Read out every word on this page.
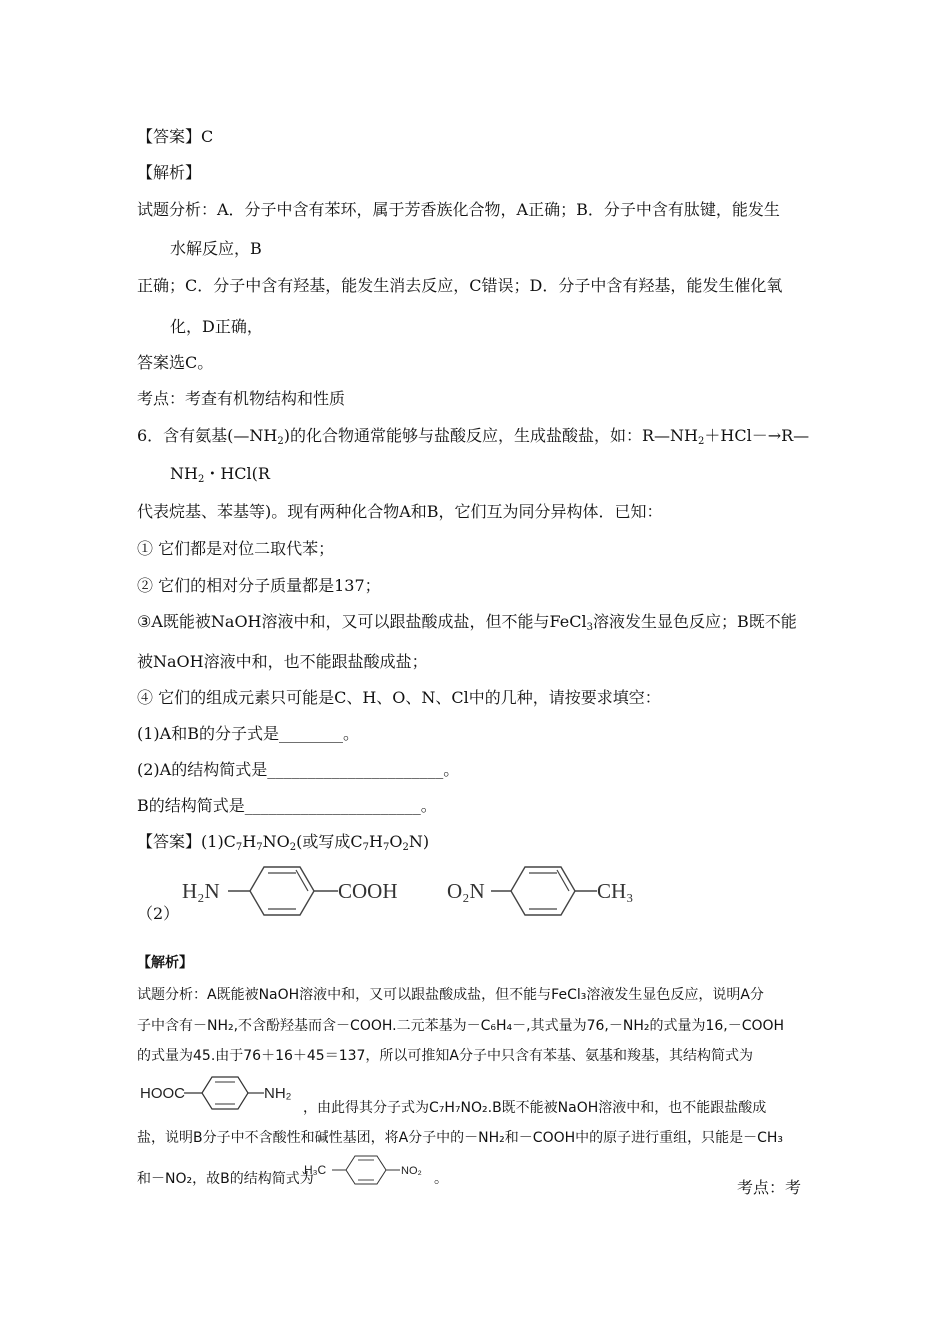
【答案】C
【解析】
试题分析：A．分子中含有苯环，属于芳香族化合物，A正确；B．分子中含有肽键，能发生
水解反应，B
正确；C．分子中含有羟基，能发生消去反应，C错误；D．分子中含有羟基，能发生催化氧
化，D正确，
答案选C。
考点：考查有机物结构和性质
6．含有氨基$(—NH_2)$的化合物通常能够与盐酸反应，生成盐酸盐，如：$R—NH_2+HCl-\to R—$
$NH_2$・HCl(R
代表烷基、苯基等)。现有两种化合物A和B，它们互为同分异构体．已知：
① 它们都是对位二取代苯；
② 它们的相对分子质量都是137；
③A既能被NaOH溶液中和，又可以跟盐酸成盐，但不能与FeCl$_3$溶液发生显色反应；B既不能
被NaOH溶液中和，也不能跟盐酸成盐；
④ 它们的组成元素只可能是C、H、O、N、Cl中的几种，请按要求填空：
(1)A和B的分子式是________。
(2)A的结构简式是______________________。
B的结构简式是______________________。
【答案】$(1)C_7H_7NO_2$(或写成$C_7H_7O_2N$)
（2）
H₂N	COOH O₂N	CH₃
【解析】
试题分析：A既能被NaOH溶液中和，又可以跟盐酸成盐，但不能与FeCl₃溶液发生显色反应，说明A分
子中含有－NH₂,不含酚羟基而含－COOH.二元苯基为－C₆H₄－,其式量为76,－NH₂的式量为16,－COOH
的式量为45.由于76＋16＋45＝137，所以可推知A分子中只含有苯基、氨基和羧基，其结构简式为
HOOC	NH₂
，由此得其分子式为C₇H₇NO₂.B既不能被NaOH溶液中和，也不能跟盐酸成
盐，说明B分子中不含酸性和碱性基团，将A分子中的－NH₂和－COOH中的原子进行重组，只能是－CH₃
和－NO₂，故B的结构简式为
H₃C	NO₂ 。	考点：考
